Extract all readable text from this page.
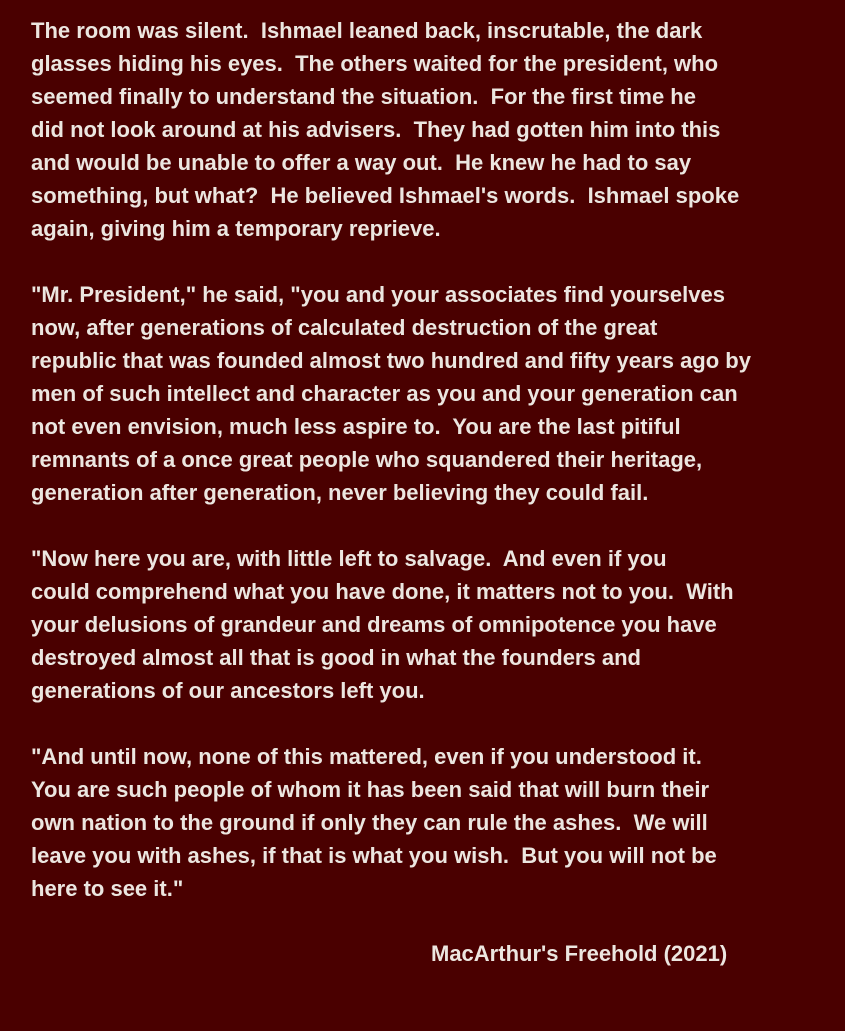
The room was silent.  Ishmael leaned back, inscrutable, the dark
glasses hiding his eyes.  The others waited for the president, who
seemed finally to understand the situation.  For the first time he
did not look around at his advisers.  They had gotten him into this
and would be unable to offer a way out.  He knew he had to say
something, but what?  He believed Ishmael's words.  Ishmael spoke
again, giving him a temporary reprieve.
"Mr. President," he said, "you and your associates find yourselves
now, after generations of calculated destruction of the great
republic that was founded almost two hundred and fifty years ago by
men of such intellect and character as you and your generation can
not even envision, much less aspire to.  You are the last pitiful
remnants of a once great people who squandered their heritage,
generation after generation, never believing they could fail.
"Now here you are, with little left to salvage.  And even if you
could comprehend what you have done, it matters not to you.  With
your delusions of grandeur and dreams of omnipotence you have
destroyed almost all that is good in what the founders and
generations of our ancestors left you.
"And until now, none of this mattered, even if you understood it.
You are such people of whom it has been said that will burn their
own nation to the ground if only they can rule the ashes.  We will
leave you with ashes, if that is what you wish.  But you will not be
here to see it."
MacArthur's Freehold (2021)
